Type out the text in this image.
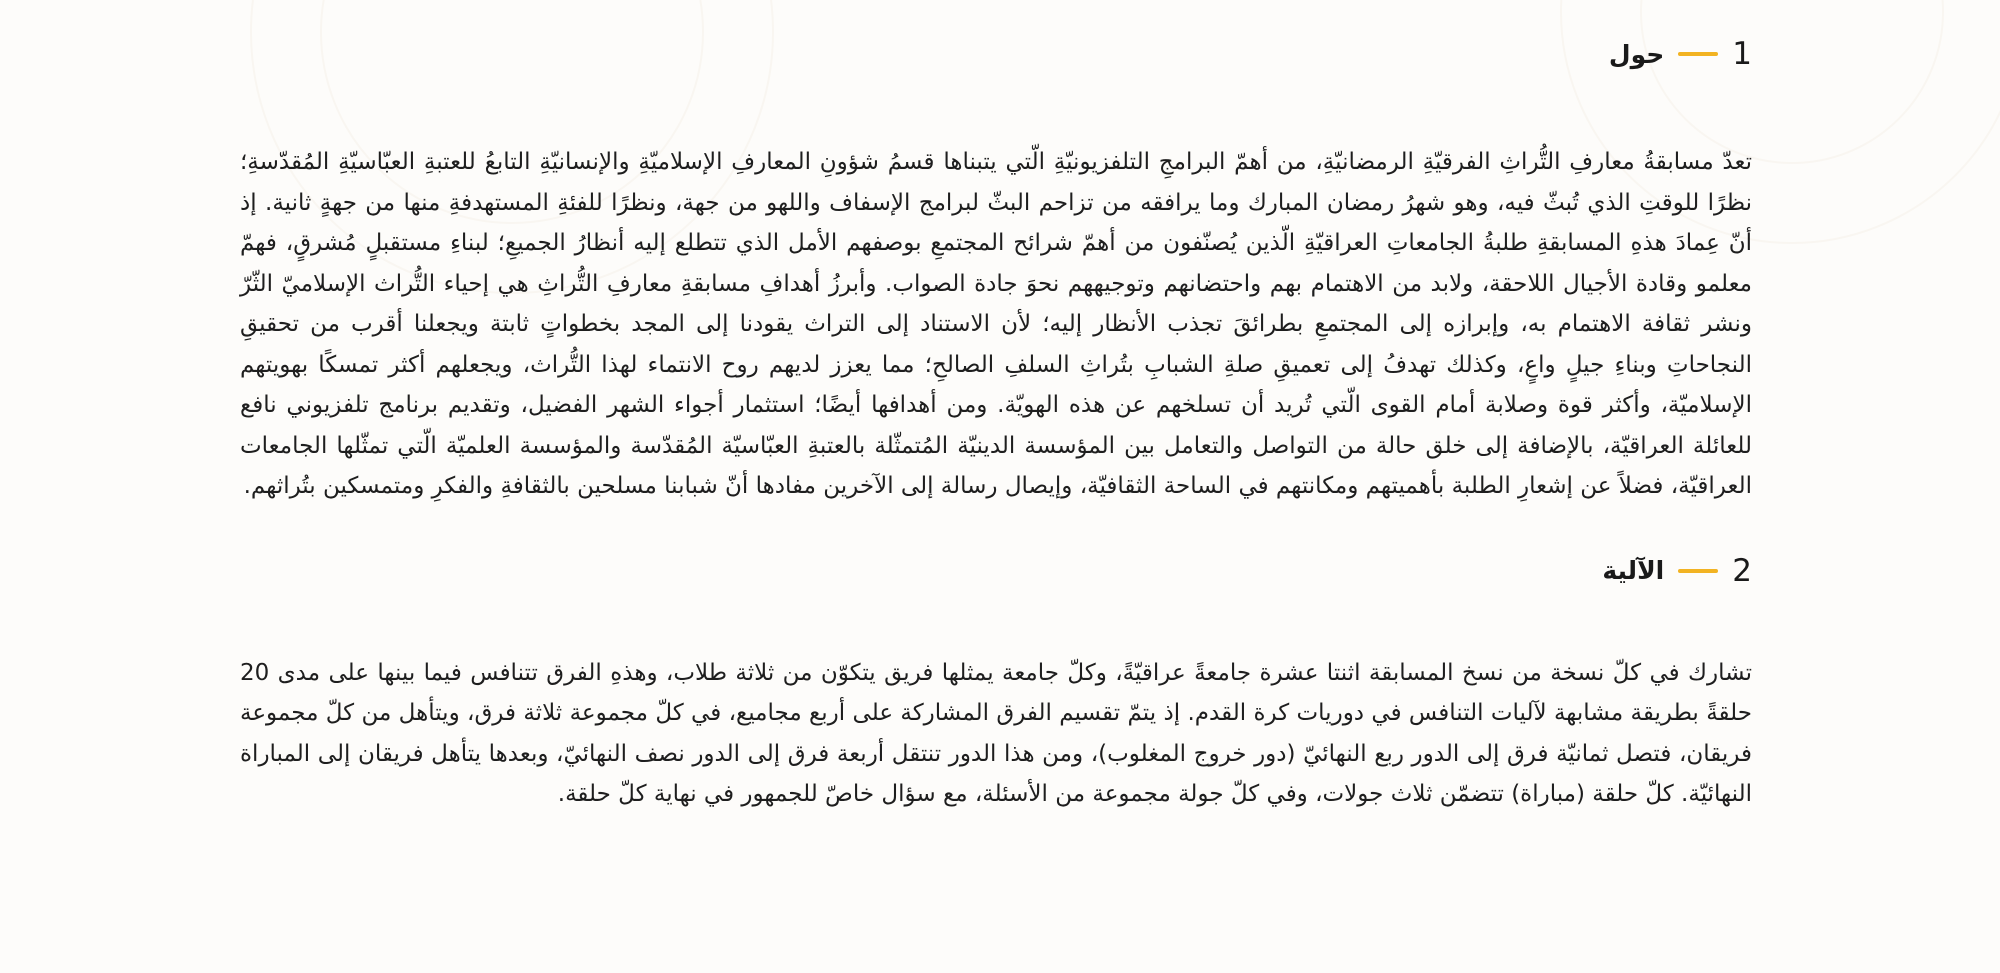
1
حول

تعدّ مسابقةُ معارفِ التُّراثِ الفرقيّةِ الرمضانيّةِ، من أهمّ البرامجِ التلفزيونيّةِ الّتي يتبناها قسمُ شؤونِ المعارفِ الإسلاميّةِ والإنسانيّةِ التابعُ للعتبةِ العبّاسيّةِ المُقدّسةِ؛ نظرًا للوقتِ الذي تُبثّ فيه، وهو شهرُ رمضان المبارك وما يرافقه من تزاحم البثّ لبرامج الإسفاف واللهو من جهة، ونظرًا للفئةِ المستهدفةِ منها من جهةٍ ثانية. إذ أنّ عِمادَ هذهِ المسابقةِ طلبةُ الجامعاتِ العراقيّةِ الّذين يُصنّفون من أهمّ شرائح المجتمعِ بوصفهم الأمل الذي تتطلع إليه أنظارُ الجميعِ؛ لبناءِ مستقبلٍ مُشرقٍ، فهمّ معلمو وقادة الأجيال اللاحقة، ولابد من الاهتمام بهم واحتضانهم وتوجيههم نحوَ جادة الصواب. وأبرزُ أهدافِ مسابقةِ معارفِ التُّراثِ هي إحياء التُّراث الإسلاميّ الثّرّ ونشر ثقافة الاهتمام به، وإبرازه إلى المجتمعِ بطرائقَ تجذب الأنظار إليه؛ لأن الاستناد إلى التراث يقودنا إلى المجد بخطواتٍ ثابتة ويجعلنا أقرب من تحقيقِ النجاحاتِ وبناءِ جيلٍ واعٍ، وكذلك تهدفُ إلى تعميقِ صلةِ الشبابِ بتُراثِ السلفِ الصالحِ؛ مما يعزز لديهم روح الانتماء لهذا التُّراث، ويجعلهم أكثر تمسكًا بهويتهم الإسلاميّة، وأكثر قوة وصلابة أمام القوى الّتي تُريد أن تسلخهم عن هذه الهويّة. ومن أهدافها أيضًا؛ استثمار أجواء الشهر الفضيل، وتقديم برنامج تلفزيوني نافع للعائلة العراقيّة، بالإضافة إلى خلق حالة من التواصل والتعامل بين المؤسسة الدينيّة المُتمثّلة بالعتبةِ العبّاسيّة المُقدّسة والمؤسسة العلميّة الّتي تمثّلها الجامعات العراقيّة، فضلاً عن إشعارِ الطلبة بأهميتهم ومكانتهم في الساحة الثقافيّة، وإيصال رسالة إلى الآخرين مفادها أنّ شبابنا مسلحين بالثقافةِ والفكرِ ومتمسكين بتُراثهم.

2
الآلية

تشارك في كلّ نسخة من نسخ المسابقة اثنتا عشرة جامعةً عراقيّةً، وكلّ جامعة يمثلها فريق يتكوّن من ثلاثة طلاب، وهذهِ الفرق تتنافس فيما بينها على مدى 20 حلقةً بطريقة مشابهة لآليات التنافس في دوريات كرة القدم. إذ يتمّ تقسيم الفرق المشاركة على أربع مجاميع، في كلّ مجموعة ثلاثة فرق، ويتأهل من كلّ مجموعة فريقان، فتصل ثمانيّة فرق إلى الدور ربع النهائيّ (دور خروج المغلوب)، ومن هذا الدور تنتقل أربعة فرق إلى الدور نصف النهائيّ، وبعدها يتأهل فريقان إلى المباراة النهائيّة. كلّ حلقة (مباراة) تتضمّن ثلاث جولات، وفي كلّ جولة مجموعة من الأسئلة، مع سؤال خاصّ للجمهور في نهاية كلّ حلقة.
